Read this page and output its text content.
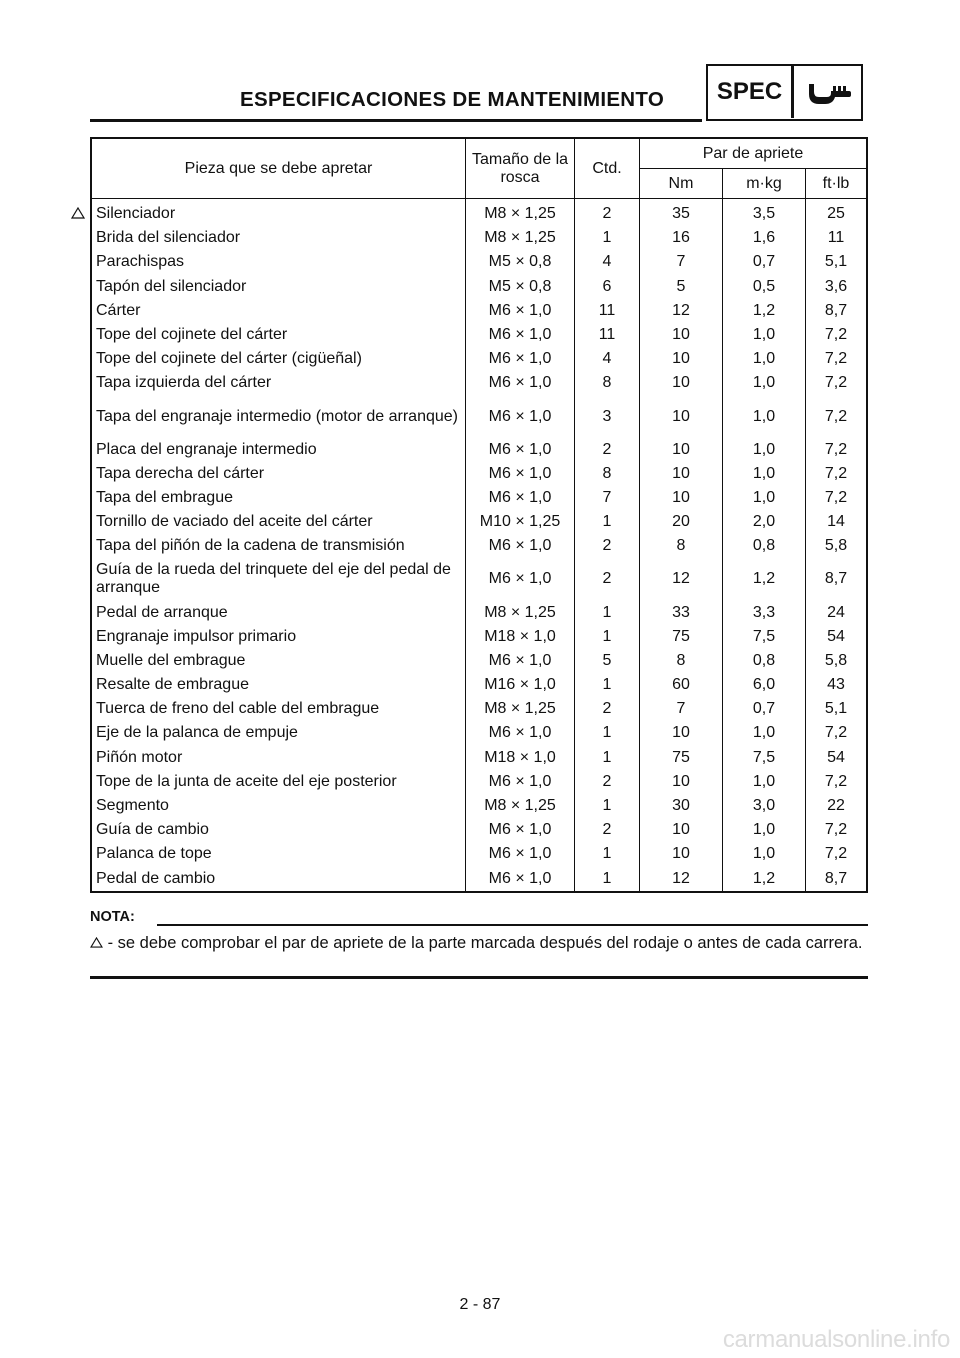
ESPECIFICACIONES DE MANTENIMIENTO	SPEC
Pieza que se debe apretar	Tamaño de la rosca	Ctd.	Par de apriete		
			Nm	m·kg	ft·lb
Silenciador	M8 × 1,25	2	35	3,5	25
Brida del silenciador	M8 × 1,25	1	16	1,6	11
Parachispas	M5 × 0,8	4	7	0,7	5,1
Tapón del silenciador	M5 × 0,8	6	5	0,5	3,6
Cárter	M6 × 1,0	11	12	1,2	8,7
Tope del cojinete del cárter	M6 × 1,0	11	10	1,0	7,2
Tope del cojinete del cárter (cigüeñal)	M6 × 1,0	4	10	1,0	7,2
Tapa izquierda del cárter	M6 × 1,0	8	10	1,0	7,2
Tapa del engranaje intermedio (motor de arranque)	M6 × 1,0	3	10	1,0	7,2
Placa del engranaje intermedio	M6 × 1,0	2	10	1,0	7,2
Tapa derecha del cárter	M6 × 1,0	8	10	1,0	7,2
Tapa del embrague	M6 × 1,0	7	10	1,0	7,2
Tornillo de vaciado del aceite del cárter	M10 × 1,25	1	20	2,0	14
Tapa del piñón de la cadena de transmisión	M6 × 1,0	2	8	0,8	5,8
Guía de la rueda del trinquete del eje del pedal de arranque	M6 × 1,0	2	12	1,2	8,7
Pedal de arranque	M8 × 1,25	1	33	3,3	24
Engranaje impulsor primario	M18 × 1,0	1	75	7,5	54
Muelle del embrague	M6 × 1,0	5	8	0,8	5,8
Resalte de embrague	M16 × 1,0	1	60	6,0	43
Tuerca de freno del cable del embrague	M8 × 1,25	2	7	0,7	5,1
Eje de la palanca de empuje	M6 × 1,0	1	10	1,0	7,2
Piñón motor	M18 × 1,0	1	75	7,5	54
Tope de la junta de aceite del eje posterior	M6 × 1,0	2	10	1,0	7,2
Segmento	M8 × 1,25	1	30	3,0	22
Guía de cambio	M6 × 1,0	2	10	1,0	7,2
Palanca de tope	M6 × 1,0	1	10	1,0	7,2
Pedal de cambio	M6 × 1,0	1	12	1,2	8,7
NOTA:
- se debe comprobar el par de apriete de la parte marcada después del rodaje o antes de cada carrera.
2 - 87
carmanualsonline.info
